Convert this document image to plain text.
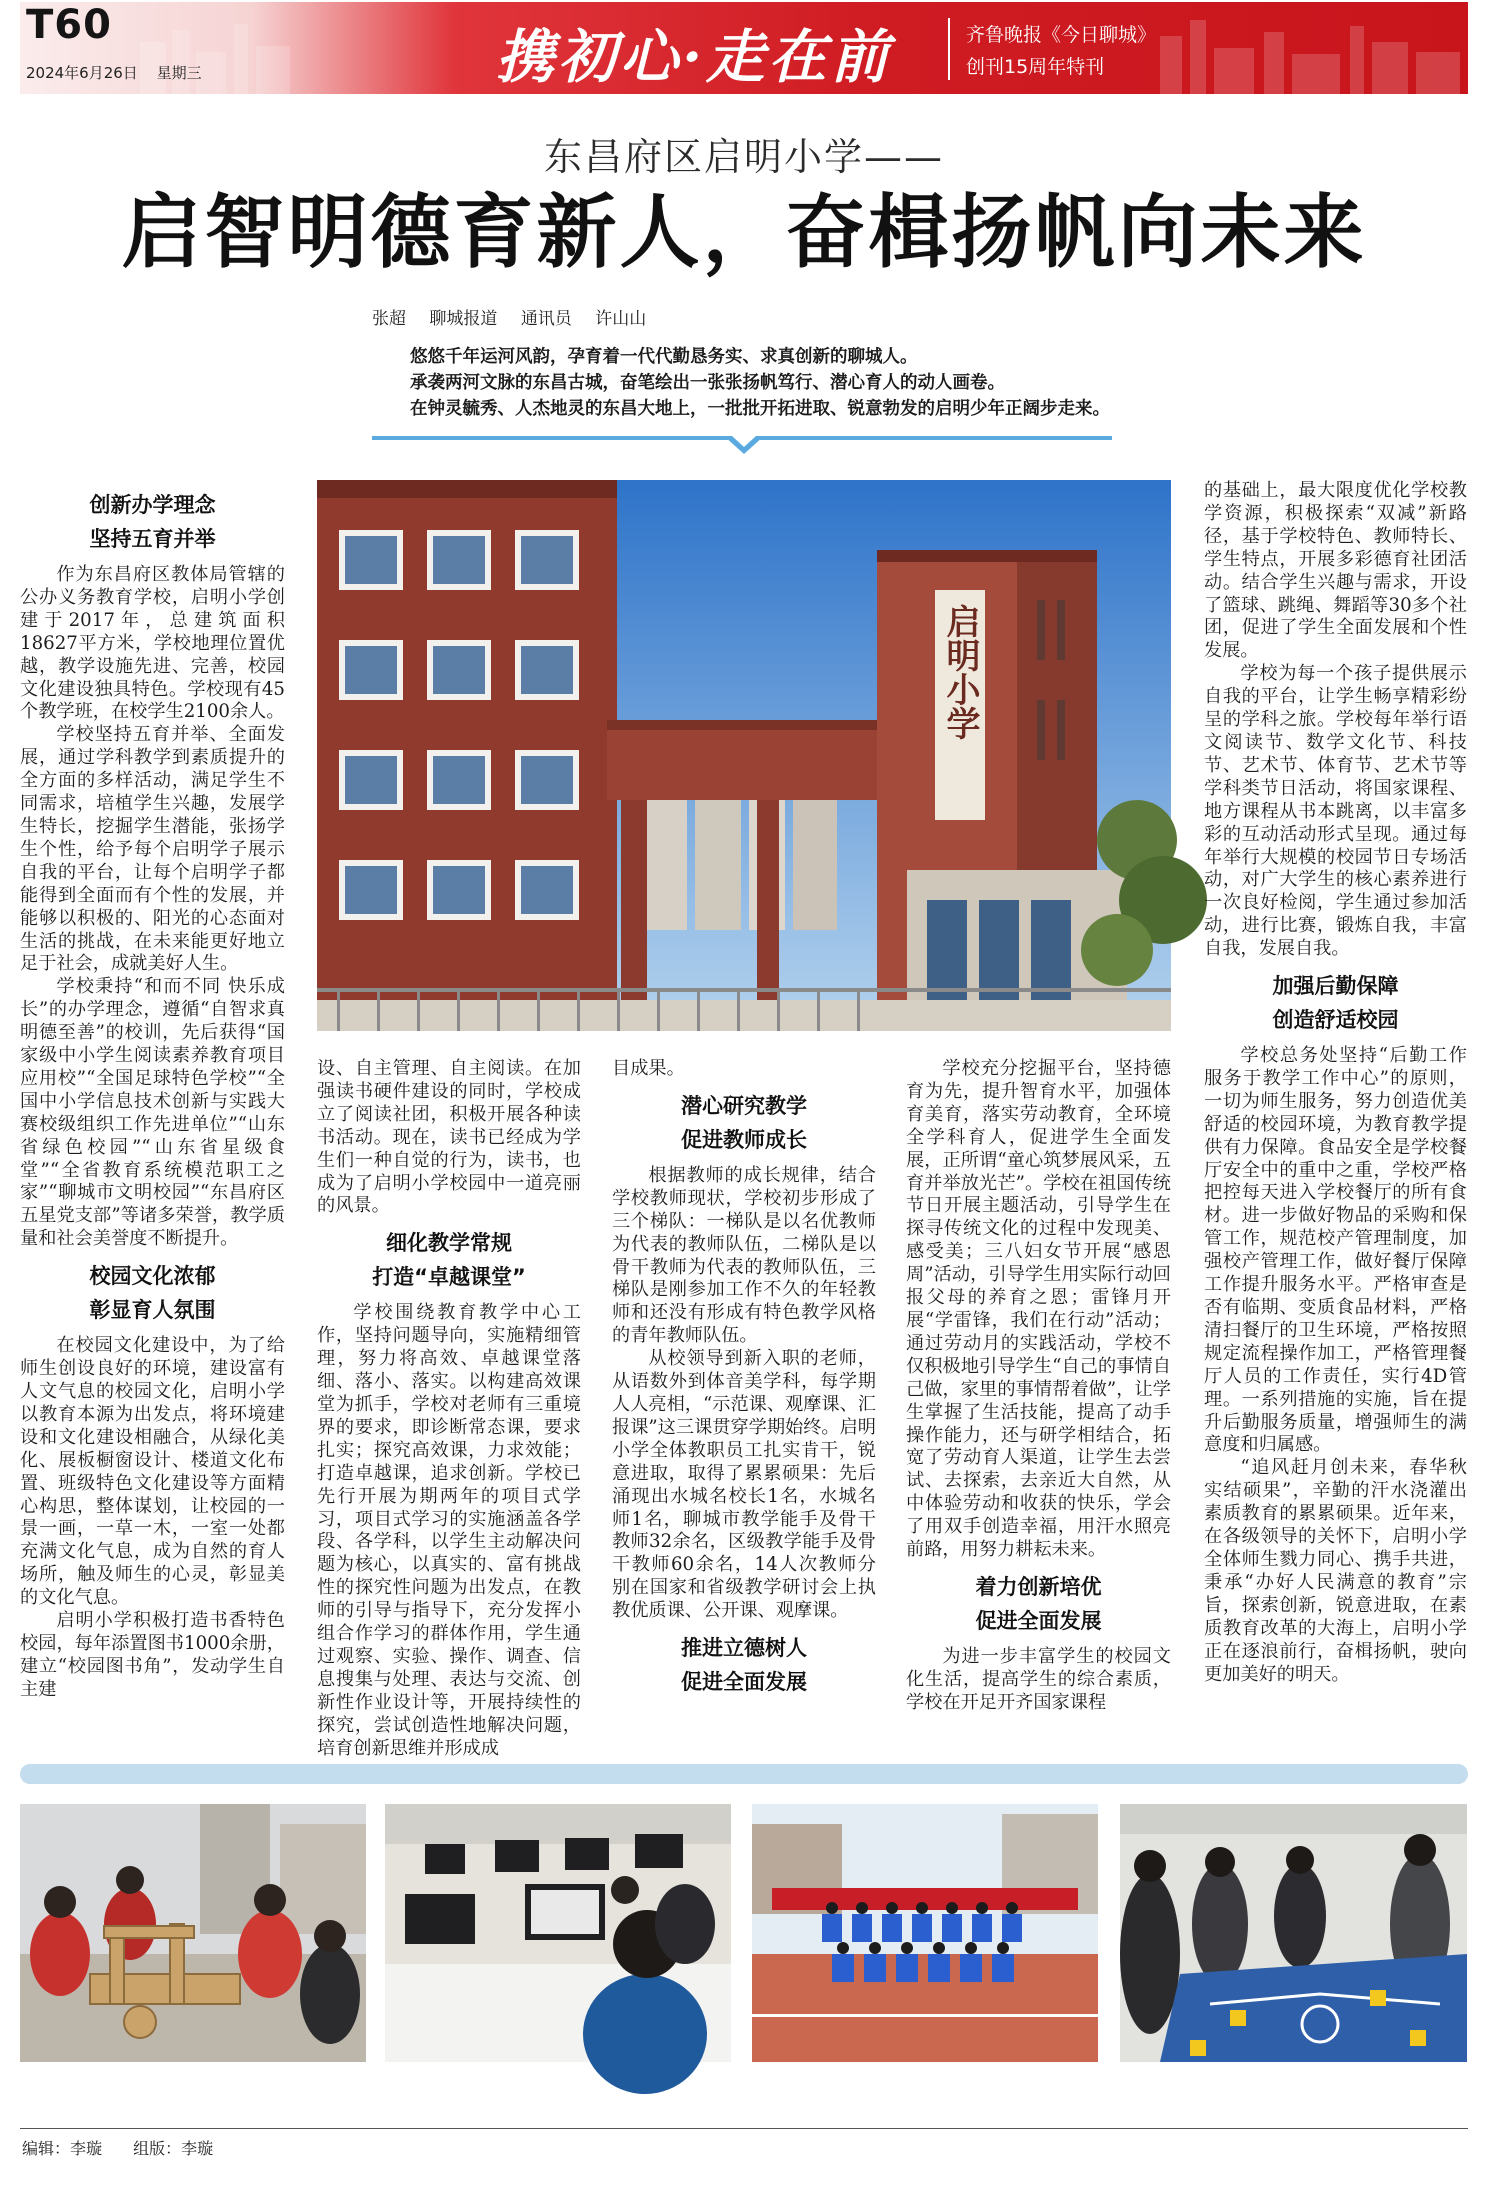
T60
2024年6月26日 星期三	携初心·走在前	齐鲁晚报《今日聊城》
创刊15周年特刊
东昌府区启明小学——
启智明德育新人，奋楫扬帆向未来
张超 聊城报道 通讯员 许山山
悠悠千年运河风韵，孕育着一代代勤恳务实、求真创新的聊城人。
承袭两河文脉的东昌古城，奋笔绘出一张张扬帆笃行、潜心育人的动人画卷。
在钟灵毓秀、人杰地灵的东昌大地上，一批批开拓进取、锐意勃发的启明少年正阔步走来。
创新办学理念
坚持五育并举

作为东昌府区教体局管辖的公办义务教育学校，启明小学创建于2017年，总建筑面积18627平方米，学校地理位置优越，教学设施先进、完善，校园文化建设独具特色。学校现有45个教学班，在校学生2100余人。

学校坚持五育并举、全面发展，通过学科教学到素质提升的全方面的多样活动，满足学生不同需求，培植学生兴趣，发展学生特长，挖掘学生潜能，张扬学生个性，给予每个启明学子展示自我的平台，让每个启明学子都能得到全面而有个性的发展，并能够以积极的、阳光的心态面对生活的挑战，在未来能更好地立足于社会，成就美好人生。

学校秉持“和而不同 快乐成长”的办学理念，遵循“自智求真 明德至善”的校训，先后获得“国家级中小学生阅读素养教育项目应用校”“全国足球特色学校”“全国中小学信息技术创新与实践大赛校级组织工作先进单位”“山东省绿色校园”“山东省星级食堂”“全省教育系统模范职工之家”“聊城市文明校园”“东昌府区五星党支部”等诸多荣誉，教学质量和社会美誉度不断提升。

校园文化浓郁
彰显育人氛围

在校园文化建设中，为了给师生创设良好的环境，建设富有人文气息的校园文化，启明小学以教育本源为出发点，将环境建设和文化建设相融合，从绿化美化、展板橱窗设计、楼道文化布置、班级特色文化建设等方面精心构思，整体谋划，让校园的一景一画，一草一木，一室一处都充满文化气息，成为自然的育人场所，触及师生的心灵，彰显美的文化气息。

启明小学积极打造书香特色校园，每年添置图书1000余册，建立“校园图书角”，发动学生自主建

启明小学

设、自主管理、自主阅读。在加强读书硬件建设的同时，学校成立了阅读社团，积极开展各种读书活动。现在，读书已经成为学生们一种自觉的行为，读书，也成为了启明小学校园中一道亮丽的风景。

细化教学常规
打造“卓越课堂”

学校围绕教育教学中心工作，坚持问题导向，实施精细管理，努力将高效、卓越课堂落细、落小、落实。以构建高效课堂为抓手，学校对老师有三重境界的要求，即诊断常态课，要求扎实；探究高效课，力求效能；打造卓越课，追求创新。学校已先行开展为期两年的项目式学习，项目式学习的实施涵盖各学段、各学科，以学生主动解决问题为核心，以真实的、富有挑战性的探究性问题为出发点，在教师的引导与指导下，充分发挥小组合作学习的群体作用，学生通过观察、实验、操作、调查、信息搜集与处理、表达与交流、创新性作业设计等，开展持续性的探究，尝试创造性地解决问题，培育创新思维并形成成

目成果。

潜心研究教学
促进教师成长

根据教师的成长规律，结合学校教师现状，学校初步形成了三个梯队：一梯队是以名优教师为代表的教师队伍，二梯队是以骨干教师为代表的教师队伍，三梯队是刚参加工作不久的年轻教师和还没有形成有特色教学风格的青年教师队伍。

从校领导到新入职的老师，从语数外到体音美学科，每学期人人亮相，“示范课、观摩课、汇报课”这三课贯穿学期始终。启明小学全体教职员工扎实肯干，锐意进取，取得了累累硕果：先后涌现出水城名校长1名，水城名师1名，聊城市教学能手及骨干教师32余名，区级教学能手及骨干教师60余名，14人次教师分别在国家和省级教学研讨会上执教优质课、公开课、观摩课。

推进立德树人
促进全面发展

学校充分挖掘平台，坚持德育为先，提升智育水平，加强体育美育，落实劳动教育，全环境全学科育人，促进学生全面发展，正所谓“童心筑梦展风采，五育并举放光芒”。学校在祖国传统节日开展主题活动，引导学生在探寻传统文化的过程中发现美、感受美；三八妇女节开展“感恩周”活动，引导学生用实际行动回报父母的养育之恩；雷锋月开展“学雷锋，我们在行动”活动；通过劳动月的实践活动，学校不仅积极地引导学生“自己的事情自己做，家里的事情帮着做”，让学生掌握了生活技能，提高了动手操作能力，还与研学相结合，拓宽了劳动育人渠道，让学生去尝试、去探索，去亲近大自然，从中体验劳动和收获的快乐，学会了用双手创造幸福，用汗水照亮前路，用努力耕耘未来。

着力创新培优
促进全面发展

为进一步丰富学生的校园文化生活，提高学生的综合素质，学校在开足开齐国家课程

的基础上，最大限度优化学校教学资源，积极探索“双减”新路径，基于学校特色、教师特长、学生特点，开展多彩德育社团活动。结合学生兴趣与需求，开设了篮球、跳绳、舞蹈等30多个社团，促进了学生全面发展和个性发展。

学校为每一个孩子提供展示自我的平台，让学生畅享精彩纷呈的学科之旅。学校每年举行语文阅读节、数学文化节、科技节、艺术节、体育节、艺术节等学科类节日活动，将国家课程、地方课程从书本跳离，以丰富多彩的互动活动形式呈现。通过每年举行大规模的校园节日专场活动，对广大学生的核心素养进行一次良好检阅，学生通过参加活动，进行比赛，锻炼自我，丰富自我，发展自我。

加强后勤保障
创造舒适校园

学校总务处坚持“后勤工作服务于教学工作中心”的原则，一切为师生服务，努力创造优美舒适的校园环境，为教育教学提供有力保障。食品安全是学校餐厅安全中的重中之重，学校严格把控每天进入学校餐厅的所有食材。进一步做好物品的采购和保管工作，规范校产管理制度，加强校产管理工作，做好餐厅保障工作提升服务水平。严格审查是否有临期、变质食品材料，严格清扫餐厅的卫生环境，严格按照规定流程操作加工，严格管理餐厅人员的工作责任，实行4D管理。一系列措施的实施，旨在提升后勤服务质量，增强师生的满意度和归属感。

“追风赶月创未来，春华秋实结硕果”，辛勤的汗水浇灌出素质教育的累累硕果。近年来，在各级领导的关怀下，启明小学全体师生戮力同心、携手共进，秉承“办好人民满意的教育”宗旨，探索创新，锐意进取，在素质教育改革的大海上，启明小学正在逐浪前行，奋楫扬帆，驶向更加美好的明天。

编辑：李璇 组版：李璇
